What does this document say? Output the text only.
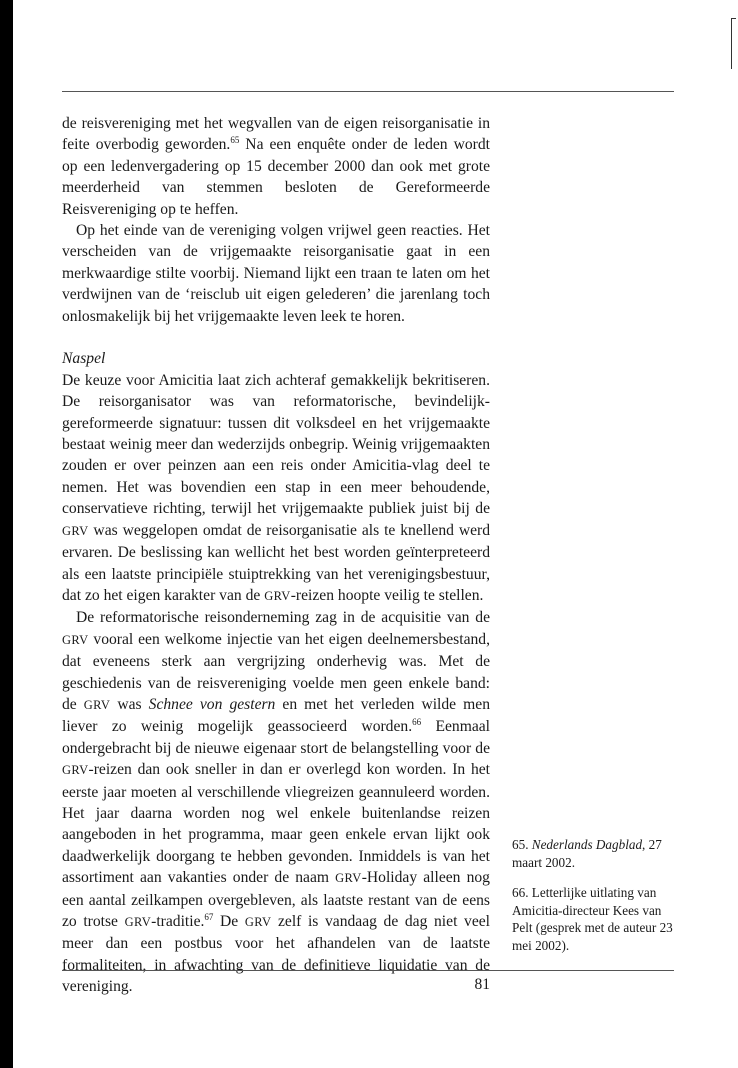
de reisvereniging met het wegvallen van de eigen reisorganisatie in feite overbodig geworden.$^{65}$ Na een enquête onder de leden wordt op een ledenvergadering op 15 december 2000 dan ook met grote meerderheid van stemmen besloten de Gereformeerde Reisvereniging op te heffen.

Op het einde van de vereniging volgen vrijwel geen reacties. Het verscheiden van de vrijgemaakte reisorganisatie gaat in een merkwaardige stilte voorbij. Niemand lijkt een traan te laten om het verdwijnen van de ‘reisclub uit eigen gelederen’ die jarenlang toch onlosmakelijk bij het vrijgemaakte leven leek te horen.

Naspel

De keuze voor Amicitia laat zich achteraf gemakkelijk bekritiseren. De reisorganisator was van reformatorische, bevindelijk-gereformeerde signatuur: tussen dit volksdeel en het vrijgemaakte bestaat weinig meer dan wederzijds onbegrip. Weinig vrijgemaakten zouden er over peinzen aan een reis onder Amicitia-vlag deel te nemen. Het was bovendien een stap in een meer behoudende, conservatieve richting, terwijl het vrijgemaakte publiek juist bij de GRV was weggelopen omdat de reisorganisatie als te knellend werd ervaren. De beslissing kan wellicht het best worden geïnterpreteerd als een laatste principiële stuiptrekking van het verenigingsbestuur, dat zo het eigen karakter van de GRV-reizen hoopte veilig te stellen.

De reformatorische reisonderneming zag in de acquisitie van de GRV vooral een welkome injectie van het eigen deelnemersbestand, dat eveneens sterk aan vergrijzing onderhevig was. Met de geschiedenis van de reisvereniging voelde men geen enkele band: de GRV was Schnee von gestern en met het verleden wilde men liever zo weinig mogelijk geassocieerd worden.$^{66}$ Eenmaal ondergebracht bij de nieuwe eigenaar stort de belangstelling voor de GRV-reizen dan ook sneller in dan er overlegd kon worden. In het eerste jaar moeten al verschillende vliegreizen geannuleerd worden. Het jaar daarna worden nog wel enkele buitenlandse reizen aangeboden in het programma, maar geen enkele ervan lijkt ook daadwerkelijk doorgang te hebben gevonden. Inmiddels is van het assortiment aan vakanties onder de naam GRV-Holiday alleen nog een aantal zeilkampen overgebleven, als laatste restant van de eens zo trotse GRV-traditie.$^{67}$ De GRV zelf is vandaag de dag niet veel meer dan een postbus voor het afhandelen van de laatste formaliteiten, in afwachting van de definitieve liquidatie van de vereniging.

65. Nederlands Dagblad, 27 maart 2002.

66. Letterlijke uitlating van Amicitia-directeur Kees van Pelt (gesprek met de auteur 23 mei 2002).

81
